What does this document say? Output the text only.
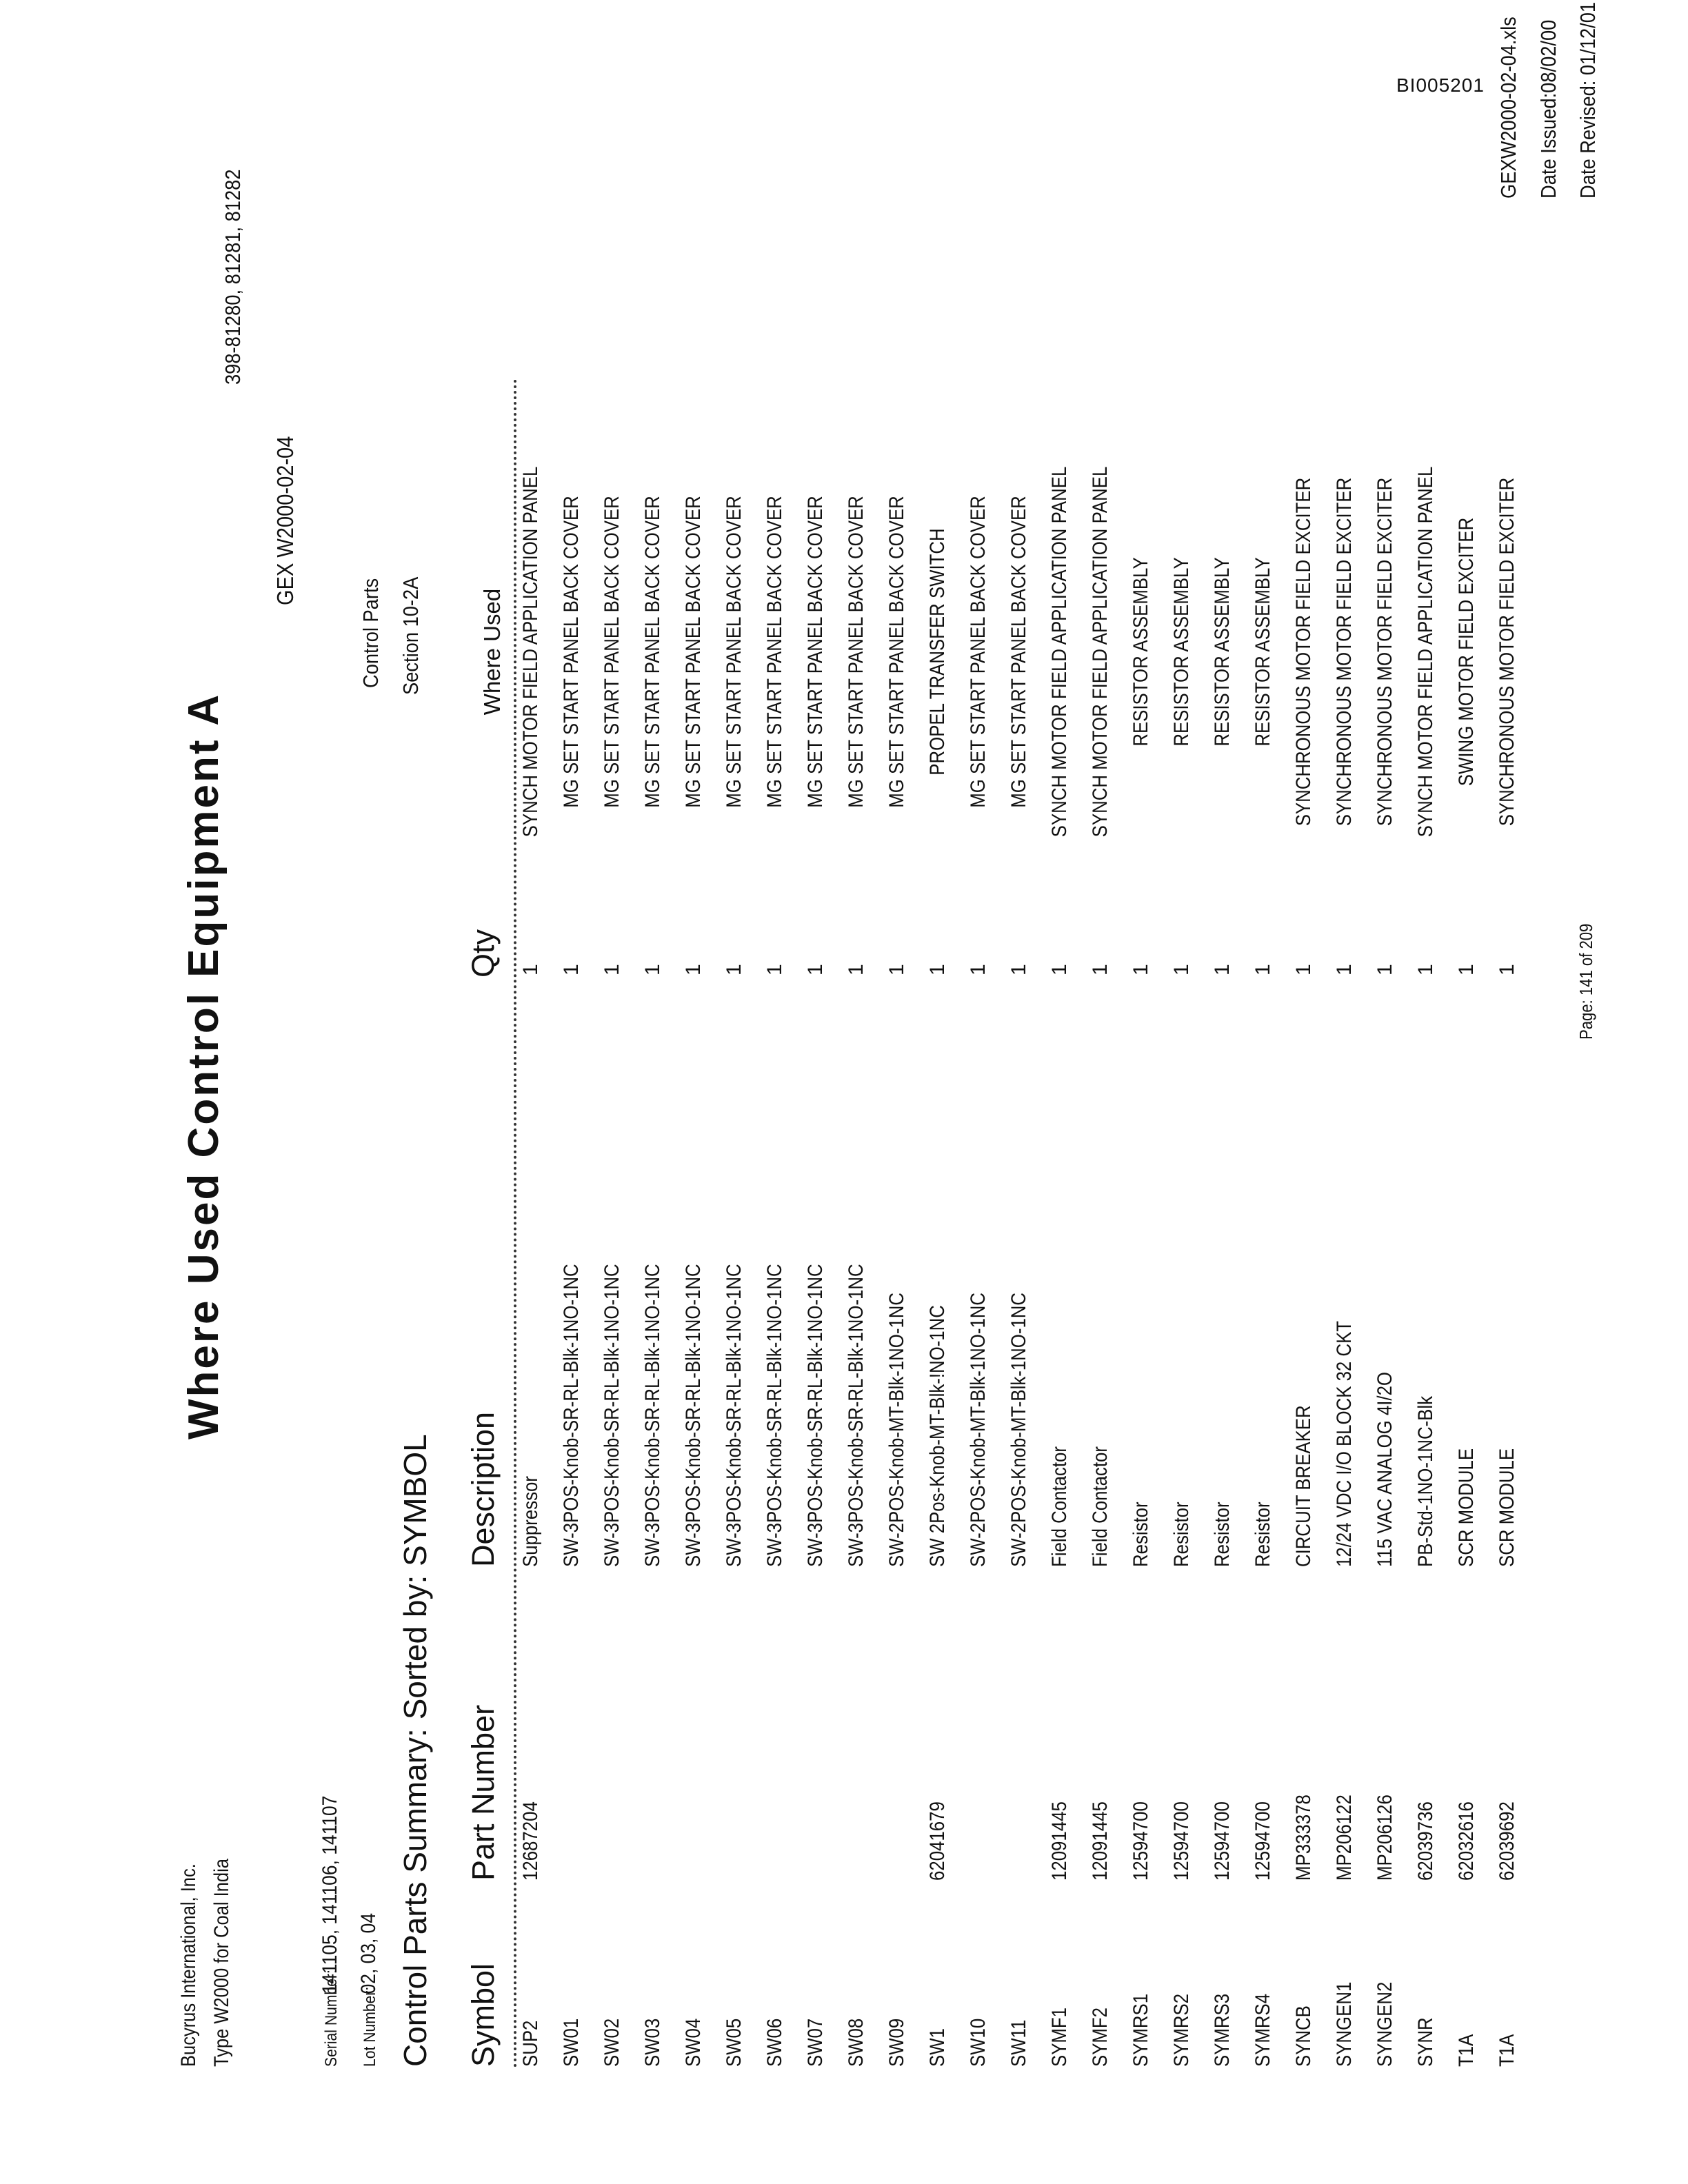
BI005201
Bucyrus International, Inc. Type W2000 for Coal India
Where Used Control Equipment A
GEX W2000-02-04
398-81280, 81281, 81282
Serial Number:141105, 141106, 141107
Lot Number:02, 03, 04
Control Parts Section 10-2A
Control Parts Summary: Sorted by: SYMBOL Symbol
Part Number
Description
Qty
Where Used
SUP2
12687204
Suppressor
1
SYNCH MOTOR FIELD APPLICATION PANEL
SW01
SW-3POS-Knob-SR-RL-Blk-1NO-1NC
1
MG SET START PANEL BACK COVER
SW02
SW-3POS-Knob-SR-RL-Blk-1NO-1NC
1
MG SET START PANEL BACK COVER
SW03
SW-3POS-Knob-SR-RL-Blk-1NO-1NC
1
MG SET START PANEL BACK COVER
SW04
SW-3POS-Knob-SR-RL-Blk-1NO-1NC
1
MG SET START PANEL BACK COVER
SW05
SW-3POS-Knob-SR-RL-Blk-1NO-1NC
1
MG SET START PANEL BACK COVER
SW06
SW-3POS-Knob-SR-RL-Blk-1NO-1NC
1
MG SET START PANEL BACK COVER
SW07
SW-3POS-Knob-SR-RL-Blk-1NO-1NC
1
MG SET START PANEL BACK COVER
SW08
SW-3POS-Knob-SR-RL-Blk-1NO-1NC
1
MG SET START PANEL BACK COVER
SW09
SW-2POS-Knob-MT-Blk-1NO-1NC
1
MG SET START PANEL BACK COVER
SW1
62041679
SW 2Pos-Knob-MT-Blk-!NO-1NC
1
PROPEL TRANSFER SWITCH
SW10
SW-2POS-Knob-MT-Blk-1NO-1NC
1
MG SET START PANEL BACK COVER
SW11
SW-2POS-Knob-MT-Blk-1NO-1NC
1
MG SET START PANEL BACK COVER
SYMF1
12091445
Field Contactor
1
SYNCH MOTOR FIELD APPLICATION PANEL
SYMF2
12091445
Field Contactor
1
SYNCH MOTOR FIELD APPLICATION PANEL
SYMRS1
12594700
Resistor
1
RESISTOR ASSEMBLY
SYMRS2
12594700
Resistor
1
RESISTOR ASSEMBLY
SYMRS3
12594700
Resistor
1
RESISTOR ASSEMBLY
SYMRS4
12594700
Resistor
1
RESISTOR ASSEMBLY
SYNCB
MP333378
CIRCUIT BREAKER
1
SYNCHRONOUS MOTOR FIELD EXCITER
SYNGEN1
MP206122
12/24 VDC I/O BLOCK 32 CKT
1
SYNCHRONOUS MOTOR FIELD EXCITER
SYNGEN2
MP206126
115 VAC ANALOG 4I/2O
1
SYNCHRONOUS MOTOR FIELD EXCITER
SYNR
62039736
PB-Std-1NO-1NC-Blk
1
SYNCH MOTOR FIELD APPLICATION PANEL
T1A
62032616
SCR MODULE
1
SWING MOTOR FIELD EXCITER
T1A
62039692
SCR MODULE
1
SYNCHRONOUS MOTOR FIELD EXCITER
Page: 141 of 209
GEXW2000-02-04.xls Date Issued:08/02/00 Date Revised: 01/12/01
